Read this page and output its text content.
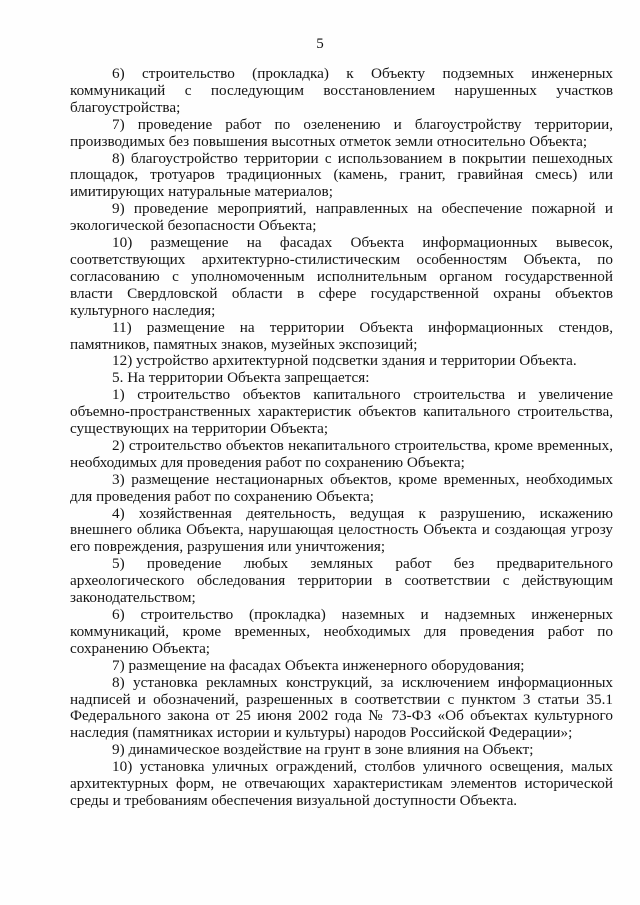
5

6) строительство (прокладка) к Объекту подземных инженерных коммуникаций с последующим восстановлением нарушенных участков благоустройства;

7) проведение работ по озеленению и благоустройству территории, производимых без повышения высотных отметок земли относительно Объекта;

8) благоустройство территории с использованием в покрытии пешеходных площадок, тротуаров традиционных (камень, гранит, гравийная смесь) или имитирующих натуральные материалов;

9) проведение мероприятий, направленных на обеспечение пожарной и экологической безопасности Объекта;

10) размещение на фасадах Объекта информационных вывесок, соответствующих архитектурно-стилистическим особенностям Объекта, по согласованию с уполномоченным исполнительным органом государственной власти Свердловской области в сфере государственной охраны объектов культурного наследия;

11) размещение на территории Объекта информационных стендов, памятников, памятных знаков, музейных экспозиций;

12) устройство архитектурной подсветки здания и территории Объекта.

5. На территории Объекта запрещается:

1) строительство объектов капитального строительства и увеличение объемно-пространственных характеристик объектов капитального строительства, существующих на территории Объекта;

2) строительство объектов некапитального строительства, кроме временных, необходимых для проведения работ по сохранению Объекта;

3) размещение нестационарных объектов, кроме временных, необходимых для проведения работ по сохранению Объекта;

4) хозяйственная деятельность, ведущая к разрушению, искажению внешнего облика Объекта, нарушающая целостность Объекта и создающая угрозу его повреждения, разрушения или уничтожения;

5) проведение любых земляных работ без предварительного археологического обследования территории в соответствии с действующим законодательством;

6) строительство (прокладка) наземных и надземных инженерных коммуникаций, кроме временных, необходимых для проведения работ по сохранению Объекта;

7) размещение на фасадах Объекта инженерного оборудования;

8) установка рекламных конструкций, за исключением информационных надписей и обозначений, разрешенных в соответствии с пунктом 3 статьи 35.1 Федерального закона от 25 июня 2002 года № 73-ФЗ «Об объектах культурного наследия (памятниках истории и культуры) народов Российской Федерации»;

9) динамическое воздействие на грунт в зоне влияния на Объект;

10) установка уличных ограждений, столбов уличного освещения, малых архитектурных форм, не отвечающих характеристикам элементов исторической среды и требованиям обеспечения визуальной доступности Объекта.
